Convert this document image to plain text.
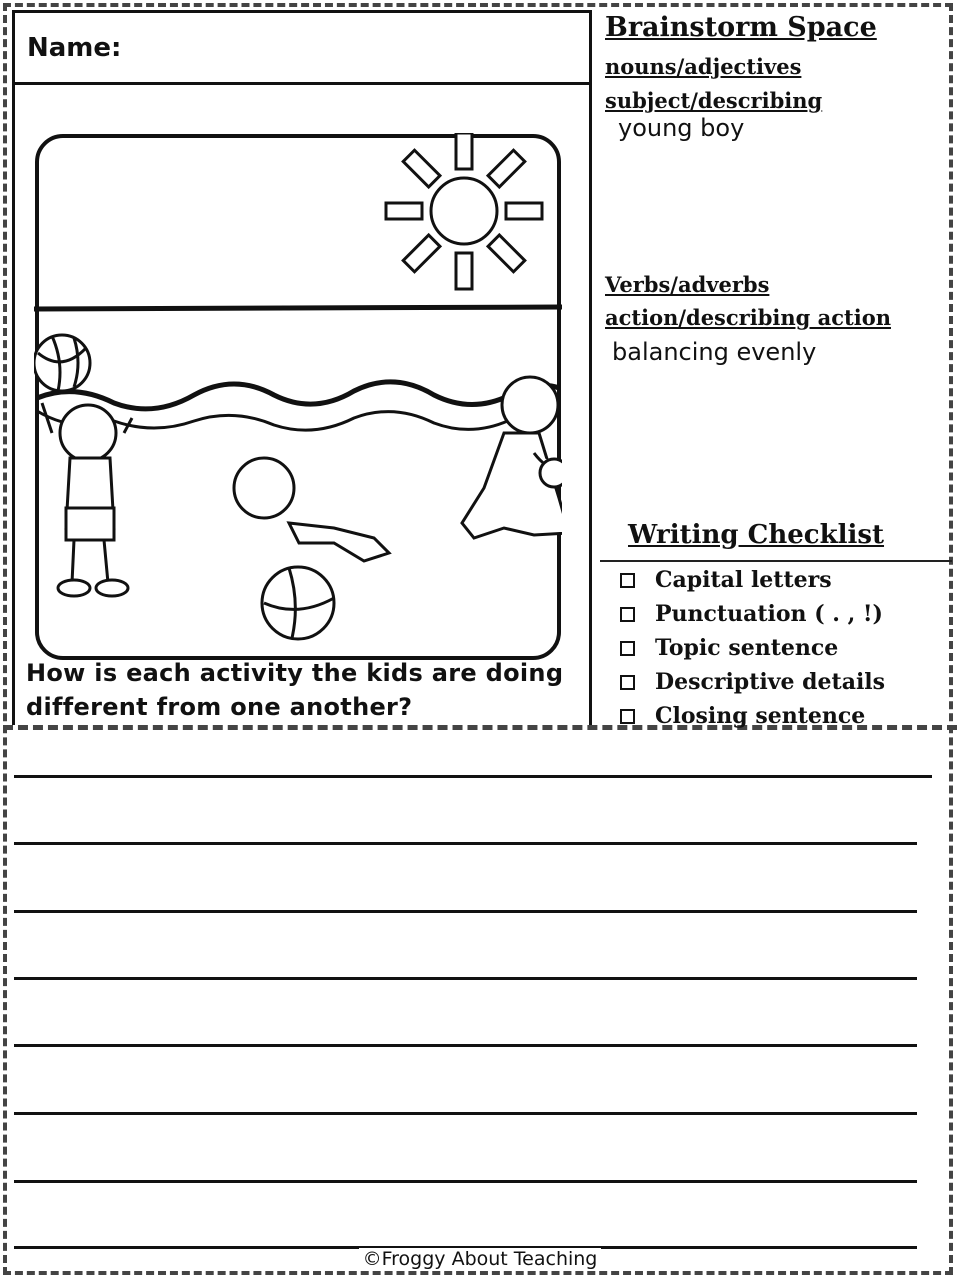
Name:
How is each activity the kids are doing different from one another?
Brainstorm Space
nouns/adjectives
subject/describing
young boy
Verbs/adverbs
action/describing action
balancing evenly
Writing Checklist
Capital letters
Punctuation ( . , !)
Topic sentence
Descriptive details
Closing sentence
©Froggy About Teaching
